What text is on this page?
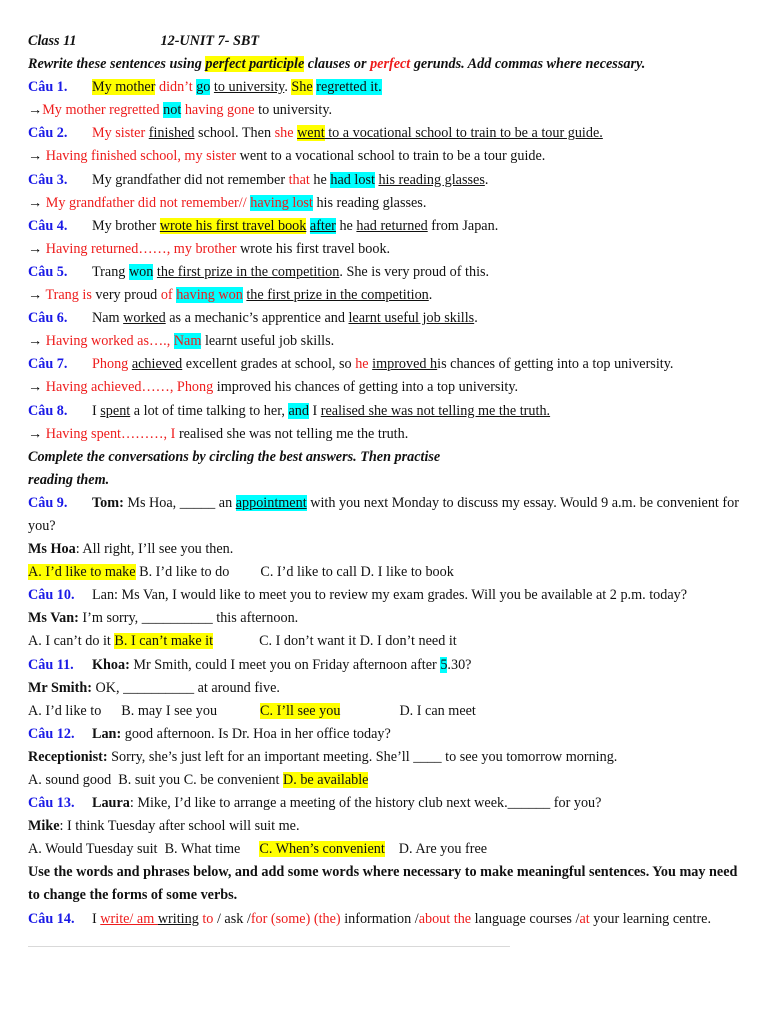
Class 11	12-UNIT 7- SBT
Rewrite these sentences using perfect participle clauses or perfect gerunds. Add commas where necessary.
Câu 1. My mother didn’t go to university. She regretted it.
→My mother regretted not having gone to university.
Câu 2. My sister finished school. Then she went to a vocational school to train to be a tour guide.
→ Having finished school, my sister went to a vocational school to train to be a tour guide.
Câu 3. My grandfather did not remember that he had lost his reading glasses.
→ My grandfather did not remember// having lost his reading glasses.
Câu 4. My brother wrote his first travel book after he had returned from Japan.
→ Having returned……, my brother wrote his first travel book.
Câu 5. Trang won the first prize in the competition. She is very proud of this.
→ Trang is very proud of having won the first prize in the competition.
Câu 6. Nam worked as a mechanic’s apprentice and learnt useful job skills.
→ Having worked as…., Nam learnt useful job skills.
Câu 7. Phong achieved excellent grades at school, so he improved his chances of getting into a top university.
→ Having achieved……, Phong improved his chances of getting into a top university.
Câu 8. I spent a lot of time talking to her, and I realised she was not telling me the truth.
→ Having spent………, I realised she was not telling me the truth.
Complete the conversations by circling the best answers. Then practise
reading them.
Câu 9. Tom: Ms Hoa, _____ an appointment with you next Monday to discuss my essay. Would 9 a.m. be convenient for you?
Ms Hoa: All right, I’ll see you then.
A. I’d like to make B. I’d like to do C. I’d like to call D. I like to book
Câu 10. Lan: Ms Van, I would like to meet you to review my exam grades. Will you be available at 2 p.m. today?
Ms Van: I’m sorry, __________ this afternoon.
A. I can’t do it B. I can’t make it	C. I don’t want it D. I don’t need it
Câu 11. Khoa: Mr Smith, could I meet you on Friday afternoon after 5.30?
Mr Smith: OK, __________ at around five.
A. I’d like to B. may I see you	C. I’ll see you	D. I can meet
Câu 12. Lan: good afternoon. Is Dr. Hoa in her office today?
Receptionist: Sorry, she’s just left for an important meeting. She’ll ____ to see you tomorrow morning.
A. sound good  B. suit you C. be convenient D. be available
Câu 13. Laura: Mike, I’d like to arrange a meeting of the history club next week.______ for you?
Mike: I think Tuesday after school will suit me.
A. Would Tuesday suit  B. What time C. When’s convenient D. Are you free
Use the words and phrases below, and add some words where necessary to make meaningful sentences. You may need to change the forms of some verbs.
Câu 14. I write/ am writing to / ask /for (some) (the) information /about the language courses /at your learning centre.
